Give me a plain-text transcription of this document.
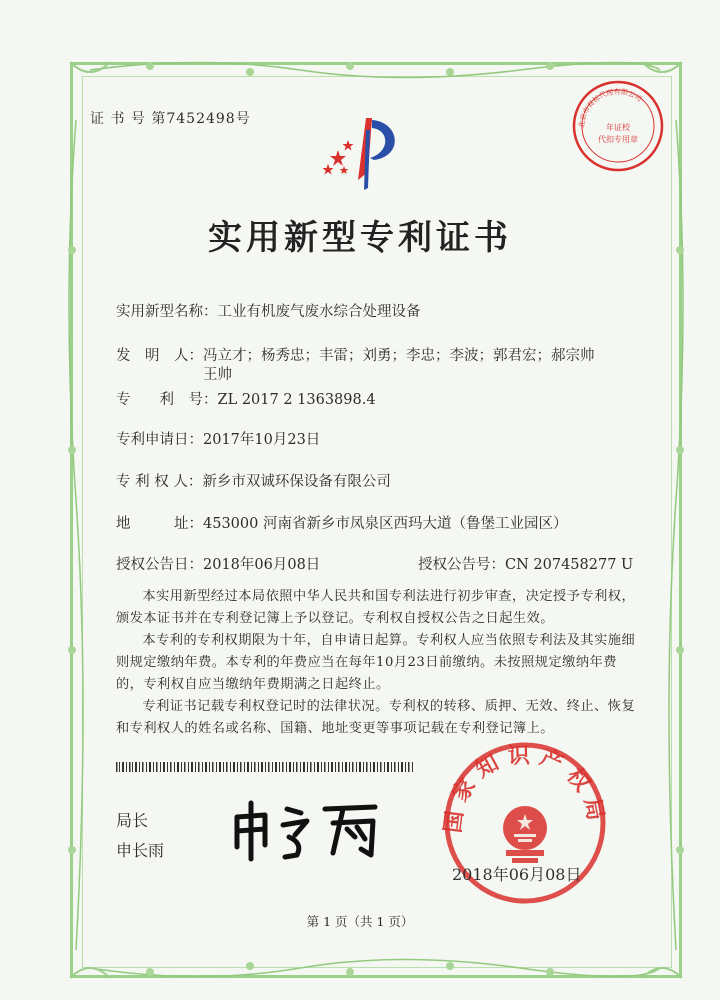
证 书 号 第7452498号	北京市商标代理有限公司
年证校
代扣专用章
实用新型专利证书
实用新型名称：工业有机废气废水综合处理设备
发　明　人：冯立才；杨秀忠；丰雷；刘勇；李忠；李波；郭君宏；郝宗帅
王帅
专　　利　号：ZL 2017 2 1363898.4
专利申请日：2017年10月23日
专 利 权 人：新乡市双诚环保设备有限公司
地　　　址：453000 河南省新乡市凤泉区西玛大道（鲁堡工业园区）
授权公告日：2018年06月08日	授权公告号：CN 207458277 U

本实用新型经过本局依照中华人民共和国专利法进行初步审查，决定授予专利权，颁发本证书并在专利登记簿上予以登记。专利权自授权公告之日起生效。

本专利的专利权期限为十年，自申请日起算。专利权人应当依照专利法及其实施细则规定缴纳年费。本专利的年费应当在每年10月23日前缴纳。未按照规定缴纳年费的，专利权自应当缴纳年费期满之日起终止。

专利证书记载专利权登记时的法律状况。专利权的转移、质押、无效、终止、恢复和专利权人的姓名或名称、国籍、地址变更等事项记载在专利登记簿上。

局长
申长雨
国家知识产权局
2018年06月08日
第 1 页（共 1 页）
